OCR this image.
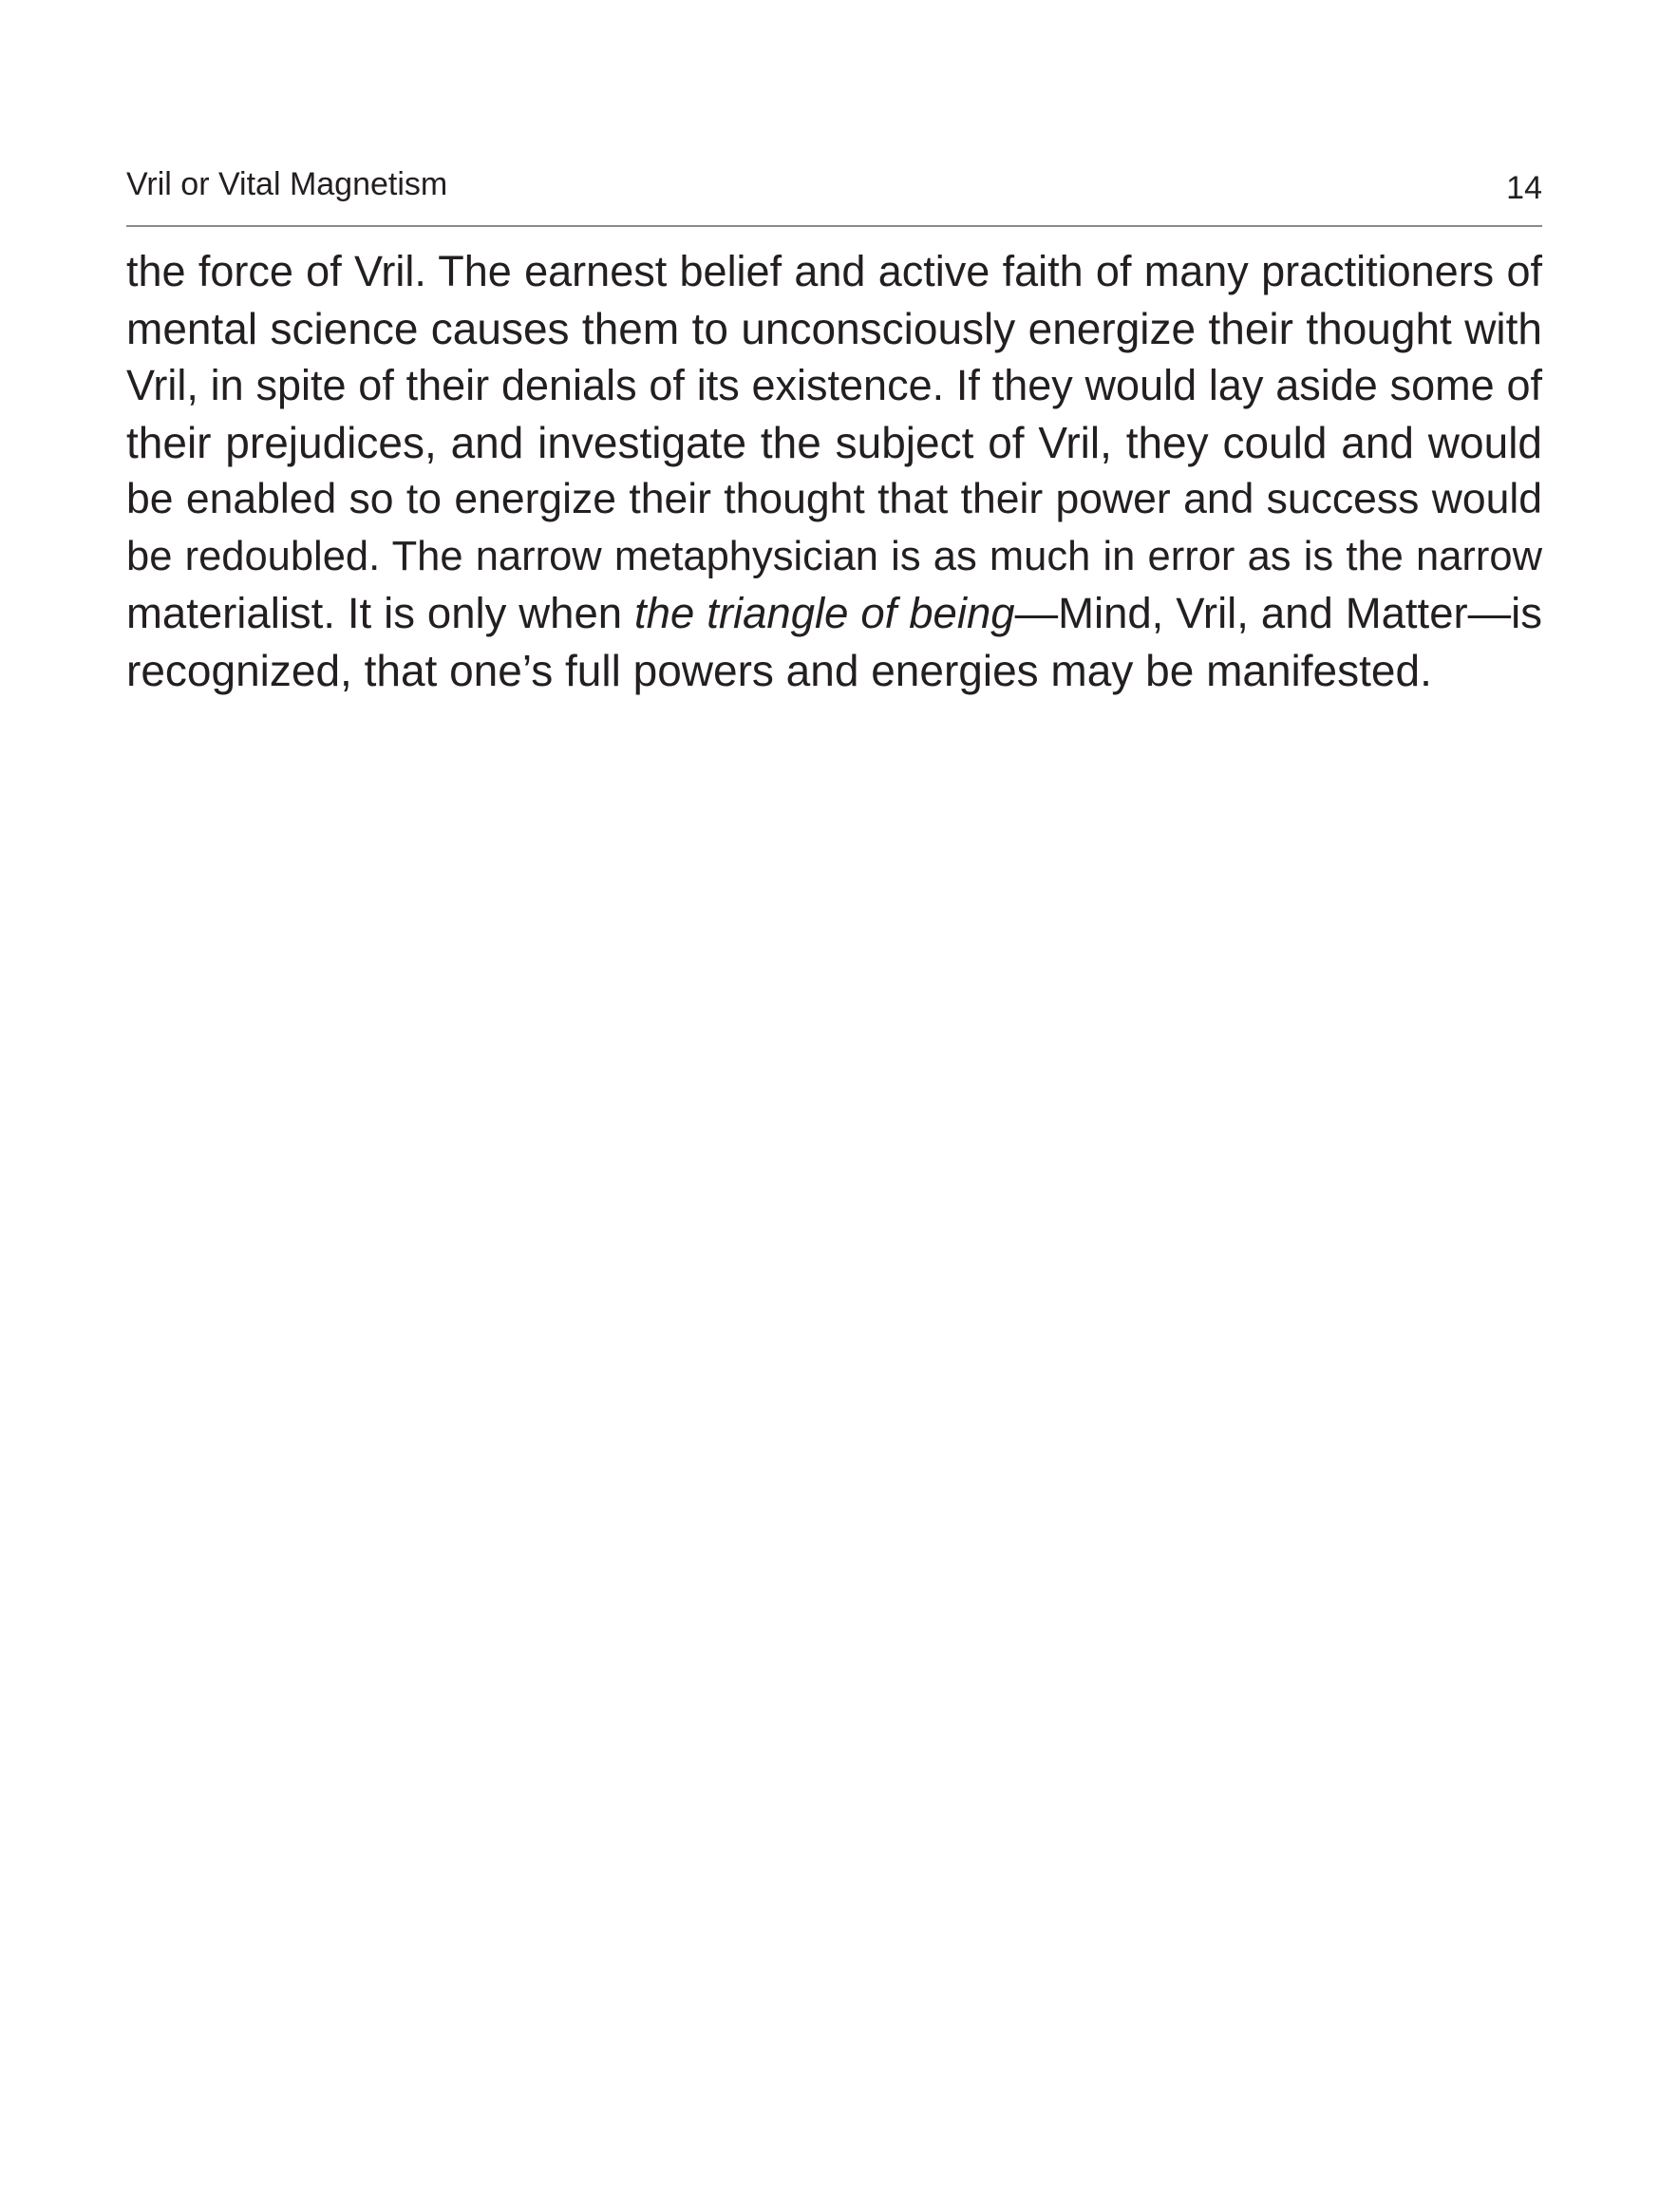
Vril or Vital Magnetism	14
the force of Vril. The earnest belief and active faith of many practitioners of
mental science causes them to unconsciously energize their thought with
Vril, in spite of their denials of its existence. If they would lay aside some of
their prejudices, and investigate the subject of Vril, they could and would
be enabled so to energize their thought that their power and success would
be redoubled. The narrow metaphysician is as much in error as is the narrow
materialist. It is only when the triangle of being—Mind, Vril, and Matter—is
recognized, that one’s full powers and energies may be manifested.
